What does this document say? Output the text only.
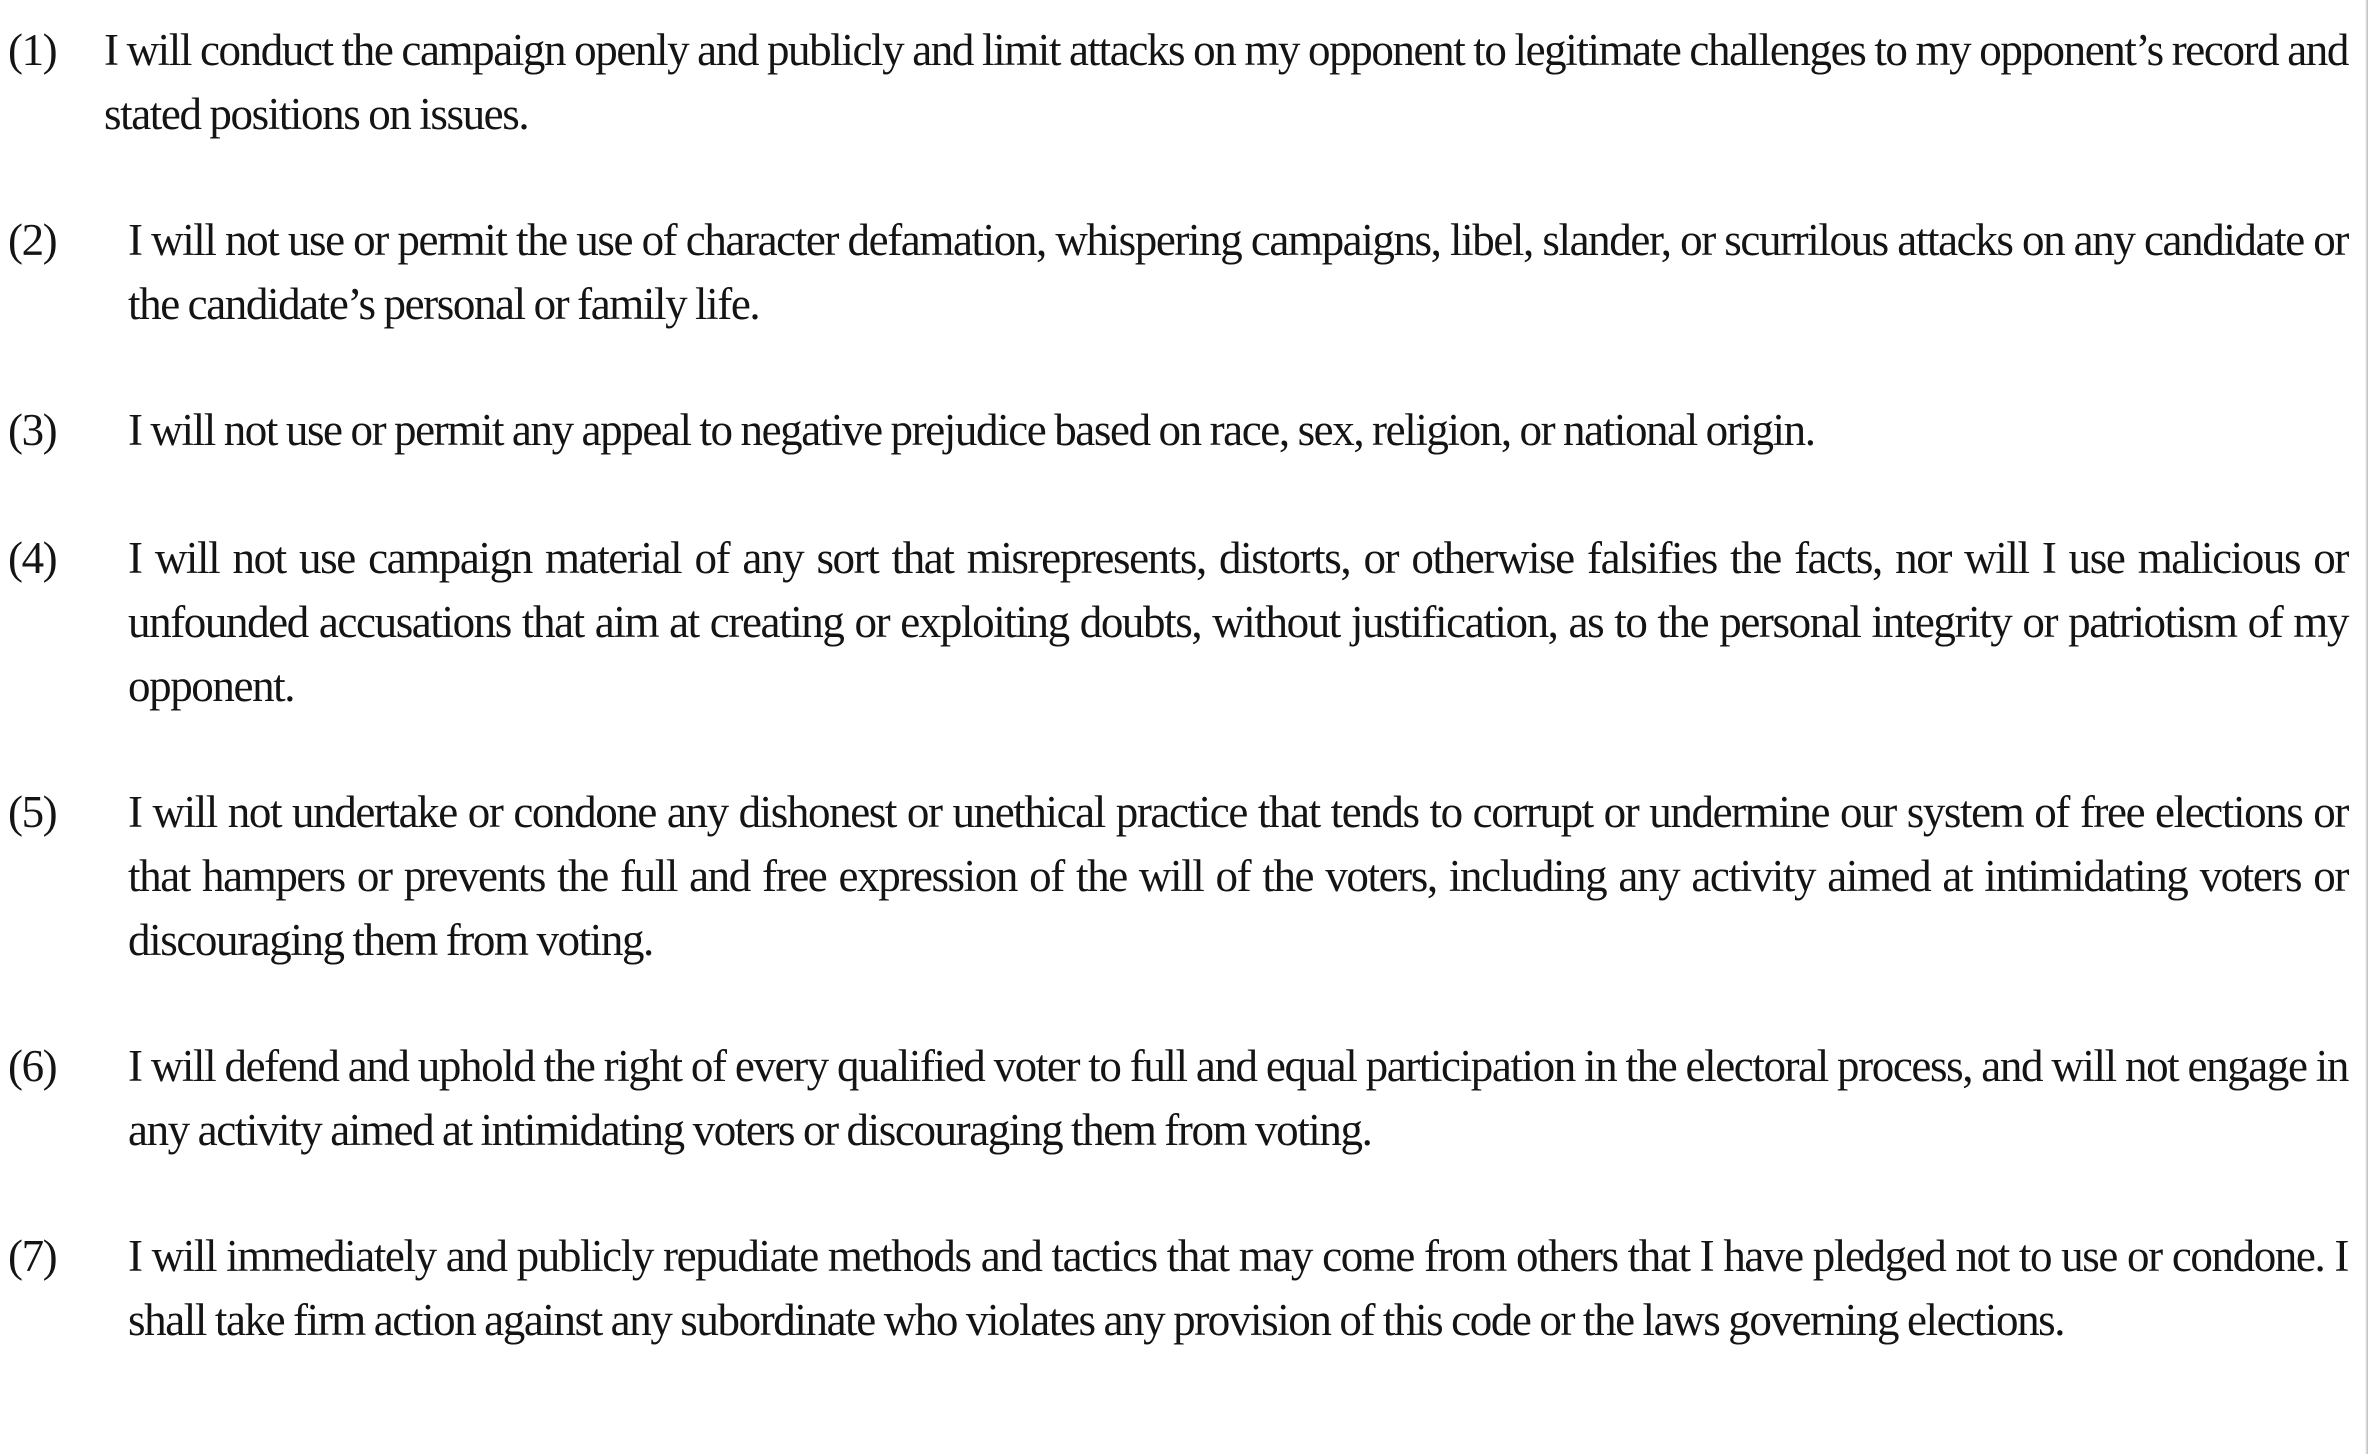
(1) I will conduct the campaign openly and publicly and limit attacks on my opponent to legitimate challenges to my opponent’s record and stated positions on issues.

(2) I will not use or permit the use of character defamation, whispering campaigns, libel, slander, or scurrilous attacks on any candidate or the candidate’s personal or family life.

(3) I will not use or permit any appeal to negative prejudice based on race, sex, religion, or national origin.

(4) I will not use campaign material of any sort that misrepresents, distorts, or otherwise falsifies the facts, nor will I use malicious or unfounded accusations that aim at creating or exploiting doubts, without justification, as to the personal integrity or patriotism of my opponent.

(5) I will not undertake or condone any dishonest or unethical practice that tends to corrupt or undermine our system of free elections or that hampers or prevents the full and free expression of the will of the voters, including any activity aimed at intimidating voters or discouraging them from voting.

(6) I will defend and uphold the right of every qualified voter to full and equal participation in the electoral process, and will not engage in any activity aimed at intimidating voters or discouraging them from voting.

(7) I will immediately and publicly repudiate methods and tactics that may come from others that I have pledged not to use or condone. I shall take firm action against any subordinate who violates any provision of this code or the laws governing elections.
